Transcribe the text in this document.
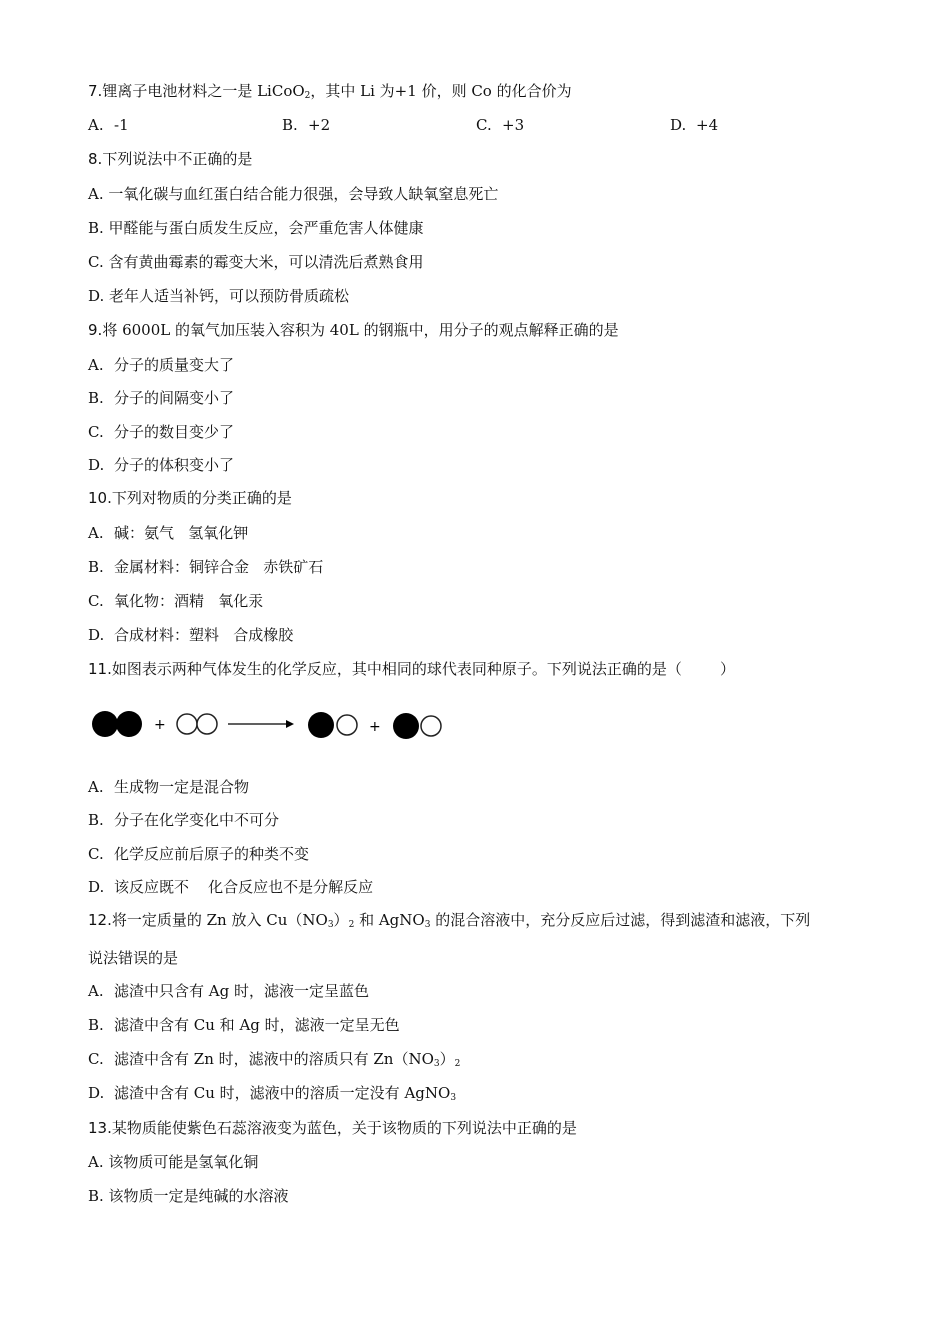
7.锂离子电池材料之一是 LiCoO$_2$，其中 Li 为+1 价，则 Co 的化合价为
A. -1	B. +2	C. +3	D. +4
8.下列说法中不正确的是
A. 一氧化碳与血红蛋白结合能力很强，会导致人缺氧窒息死亡
B. 甲醛能与蛋白质发生反应，会严重危害人体健康
C. 含有黄曲霉素的霉变大米，可以清洗后煮熟食用
D. 老年人适当补钙，可以预防骨质疏松
9.将 6000L 的氧气加压装入容积为 40L 的钢瓶中，用分子的观点解释正确的是
A. 分子的质量变大了
B. 分子的间隔变小了
C. 分子的数目变少了
D. 分子的体积变小了
10.下列对物质的分类正确的是
A. 碱：氨气   氢氧化钾
B. 金属材料：铜锌合金   赤铁矿石
C. 氧化物：酒精   氧化汞
D. 合成材料：塑料   合成橡胶
11.如图表示两种气体发生的化学反应，其中相同的球代表同种原子。下列说法正确的是（        ）
+	+
A. 生成物一定是混合物
B. 分子在化学变化中不可分
C. 化学反应前后原子的种类不变
D. 该反应既不    化合反应也不是分解反应
12.将一定质量的 Zn 放入 $Cu(NO_3)_2$ 和 AgNO$_3$ 的混合溶液中，充分反应后过滤，得到滤渣和滤液，下列
说法错误的是
A. 滤渣中只含有 Ag 时，滤液一定呈蓝色
B. 滤渣中含有 Cu 和 Ag 时，滤液一定呈无色
C. 滤渣中含有 Zn 时，滤液中的溶质只有 $Zn(NO_3)_2$
D. 滤渣中含有 Cu 时，滤液中的溶质一定没有 AgNO$_3$
13.某物质能使紫色石蕊溶液变为蓝色，关于该物质的下列说法中正确的是
A. 该物质可能是氢氧化铜
B. 该物质一定是纯碱的水溶液
